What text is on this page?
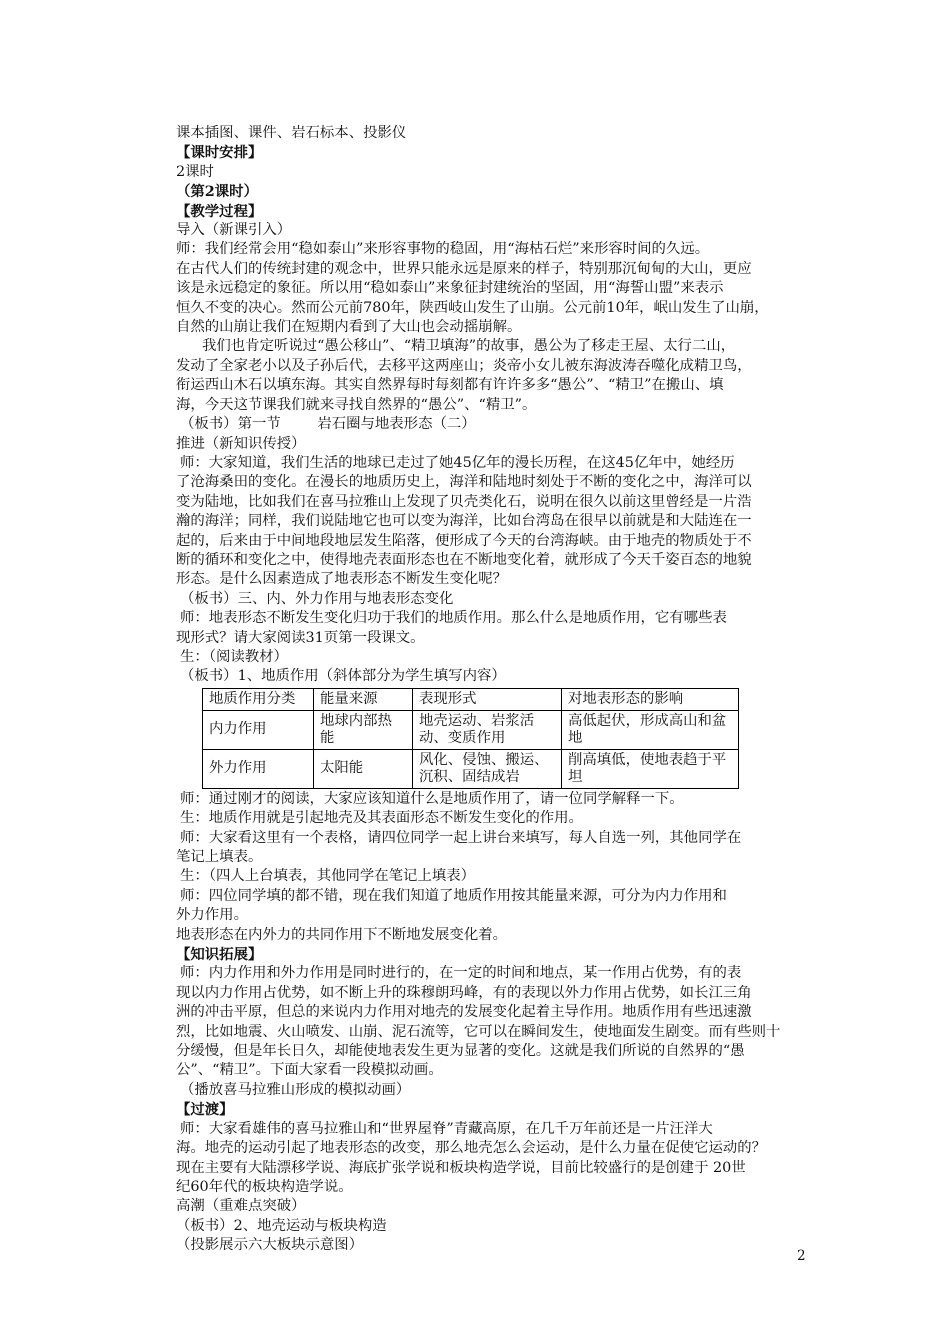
课本插图、课件、岩石标本、投影仪
【课时安排】
2课时
（第2课时）
【教学过程】
导入（新课引入）
师：我们经常会用“稳如泰山”来形容事物的稳固，用“海枯石烂”来形容时间的久远。
在古代人们的传统封建的观念中，世界只能永远是原来的样子，特别那沉甸甸的大山，更应
该是永远稳定的象征。所以用“稳如泰山”来象征封建统治的坚固，用“海誓山盟”来表示
恒久不变的决心。然而公元前780年，陕西岐山发生了山崩。公元前10年，岷山发生了山崩，
自然的山崩让我们在短期内看到了大山也会动摇崩解。
我们也肯定听说过“愚公移山”、“精卫填海”的故事，愚公为了移走王屋、太行二山，
发动了全家老小以及子孙后代，去移平这两座山；炎帝小女儿被东海波涛吞噬化成精卫鸟，
衔运西山木石以填东海。其实自然界每时每刻都有许许多多“愚公”、“精卫”在搬山、填
海，今天这节课我们就来寻找自然界的“愚公”、“精卫”。
（板书）第一节        岩石圈与地表形态（二）
推进（新知识传授）
师：大家知道，我们生活的地球已走过了她45亿年的漫长历程，在这45亿年中，她经历
了沧海桑田的变化。在漫长的地质历史上，海洋和陆地时刻处于不断的变化之中，海洋可以
变为陆地，比如我们在喜马拉雅山上发现了贝壳类化石，说明在很久以前这里曾经是一片浩
瀚的海洋；同样，我们说陆地它也可以变为海洋，比如台湾岛在很早以前就是和大陆连在一
起的，后来由于中间地段地层发生陷落，便形成了今天的台湾海峡。由于地壳的物质处于不
断的循环和变化之中，使得地壳表面形态也在不断地变化着，就形成了今天千姿百态的地貌
形态。是什么因素造成了地表形态不断发生变化呢？
（板书）三、内、外力作用与地表形态变化
师：地表形态不断发生变化归功于我们的地质作用。那么什么是地质作用，它有哪些表
现形式？请大家阅读31页第一段课文。
生：（阅读教材）
（板书）1、地质作用（斜体部分为学生填写内容）
地质作用分类	能量来源	表现形式	对地表形态的影响
内力作用	地球内部热能	地壳运动、岩浆活动、变质作用	高低起伏，形成高山和盆地
外力作用	太阳能	风化、侵蚀、搬运、沉积、固结成岩	削高填低，使地表趋于平坦
师：通过刚才的阅读，大家应该知道什么是地质作用了，请一位同学解释一下。
生：地质作用就是引起地壳及其表面形态不断发生变化的作用。
师：大家看这里有一个表格，请四位同学一起上讲台来填写，每人自选一列，其他同学在
笔记上填表。
生：（四人上台填表，其他同学在笔记上填表）
师：四位同学填的都不错，现在我们知道了地质作用按其能量来源，可分为内力作用和
外力作用。
地表形态在内外力的共同作用下不断地发展变化着。
【知识拓展】
师：内力作用和外力作用是同时进行的，在一定的时间和地点，某一作用占优势，有的表
现以内力作用占优势，如不断上升的珠穆朗玛峰，有的表现以外力作用占优势，如长江三角
洲的冲击平原，但总的来说内力作用对地壳的发展变化起着主导作用。地质作用有些迅速激
烈，比如地震、火山喷发、山崩、泥石流等，它可以在瞬间发生，使地面发生剧变。而有些则十
分缓慢，但是年长日久，却能使地表发生更为显著的变化。这就是我们所说的自然界的“愚
公”、“精卫”。下面大家看一段模拟动画。
（播放喜马拉雅山形成的模拟动画）
【过渡】
师：大家看雄伟的喜马拉雅山和“世界屋脊”青藏高原，在几千万年前还是一片汪洋大
海。地壳的运动引起了地表形态的改变，那么地壳怎么会运动，是什么力量在促使它运动的？
现在主要有大陆漂移学说、海底扩张学说和板块构造学说，目前比较盛行的是创建于 20世
纪60年代的板块构造学说。
高潮（重难点突破）
（板书）2、地壳运动与板块构造
（投影展示六大板块示意图）
2
